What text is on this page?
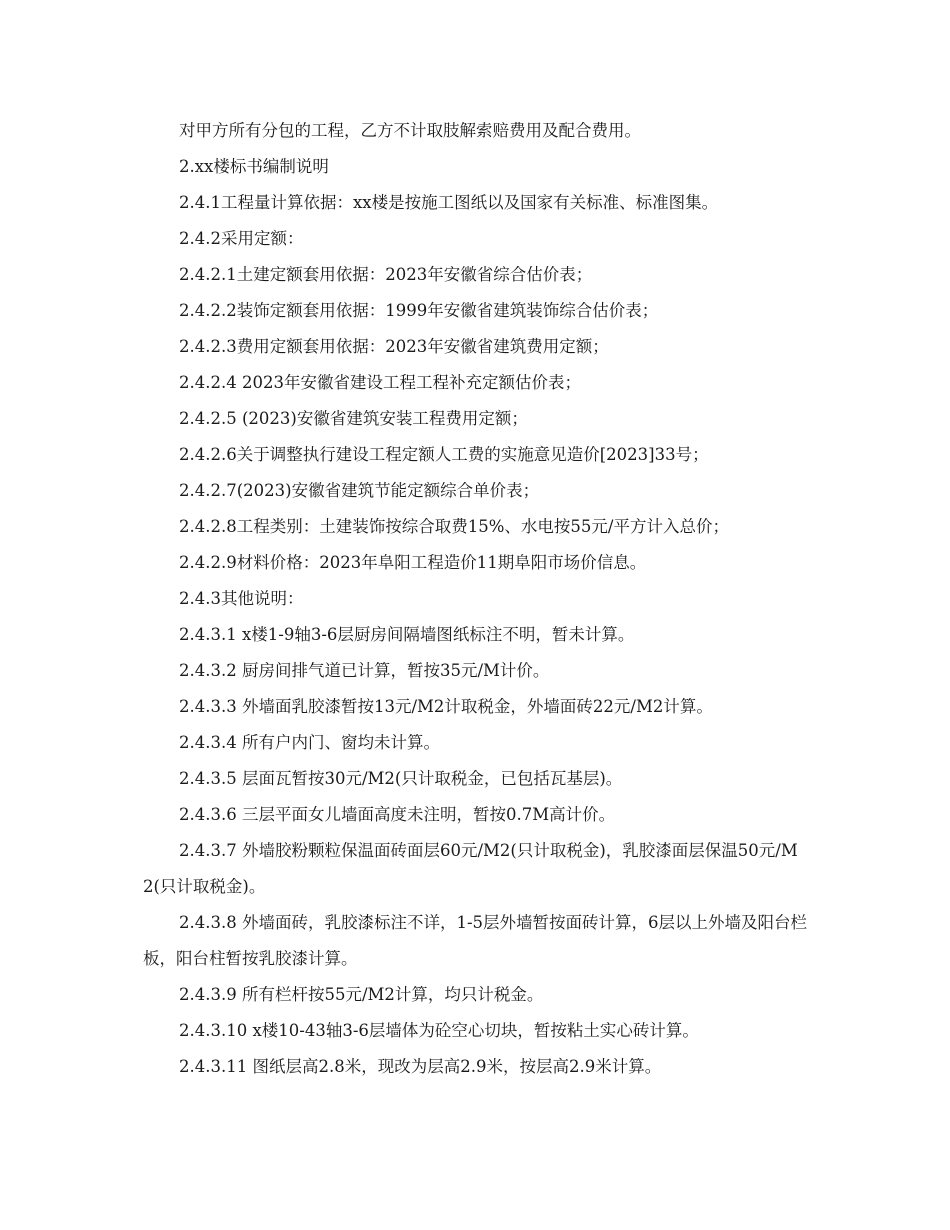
对甲方所有分包的工程，乙方不计取肢解索赔费用及配合费用。

2.xx楼标书编制说明

2.4.1工程量计算依据：xx楼是按施工图纸以及国家有关标准、标准图集。

2.4.2采用定额：

2.4.2.1土建定额套用依据：2023年安徽省综合估价表；

2.4.2.2装饰定额套用依据：1999年安徽省建筑装饰综合估价表；

2.4.2.3费用定额套用依据：2023年安徽省建筑费用定额；

2.4.2.4 2023年安徽省建设工程工程补充定额估价表；

2.4.2.5 (2023)安徽省建筑安装工程费用定额；

2.4.2.6关于调整执行建设工程定额人工费的实施意见造价[2023]33号；

2.4.2.7(2023)安徽省建筑节能定额综合单价表；

2.4.2.8工程类别：土建装饰按综合取费15%、水电按55元/平方计入总价；

2.4.2.9材料价格：2023年阜阳工程造价11期阜阳市场价信息。

2.4.3其他说明：

2.4.3.1 x楼1-9轴3-6层厨房间隔墙图纸标注不明，暂未计算。

2.4.3.2 厨房间排气道已计算，暂按35元/M计价。

2.4.3.3 外墙面乳胶漆暂按13元/M2计取税金，外墙面砖22元/M2计算。

2.4.3.4 所有户内门、窗均未计算。

2.4.3.5 层面瓦暂按30元/M2(只计取税金，已包括瓦基层)。

2.4.3.6 三层平面女儿墙面高度未注明，暂按0.7M高计价。

2.4.3.7 外墙胶粉颗粒保温面砖面层60元/M2(只计取税金)，乳胶漆面层保温50元/M2(只计取税金)。

2.4.3.8 外墙面砖，乳胶漆标注不详，1-5层外墙暂按面砖计算，6层以上外墙及阳台栏板，阳台柱暂按乳胶漆计算。

2.4.3.9 所有栏杆按55元/M2计算，均只计税金。

2.4.3.10 x楼10-43轴3-6层墙体为砼空心切块，暂按粘土实心砖计算。

2.4.3.11 图纸层高2.8米，现改为层高2.9米，按层高2.9米计算。
